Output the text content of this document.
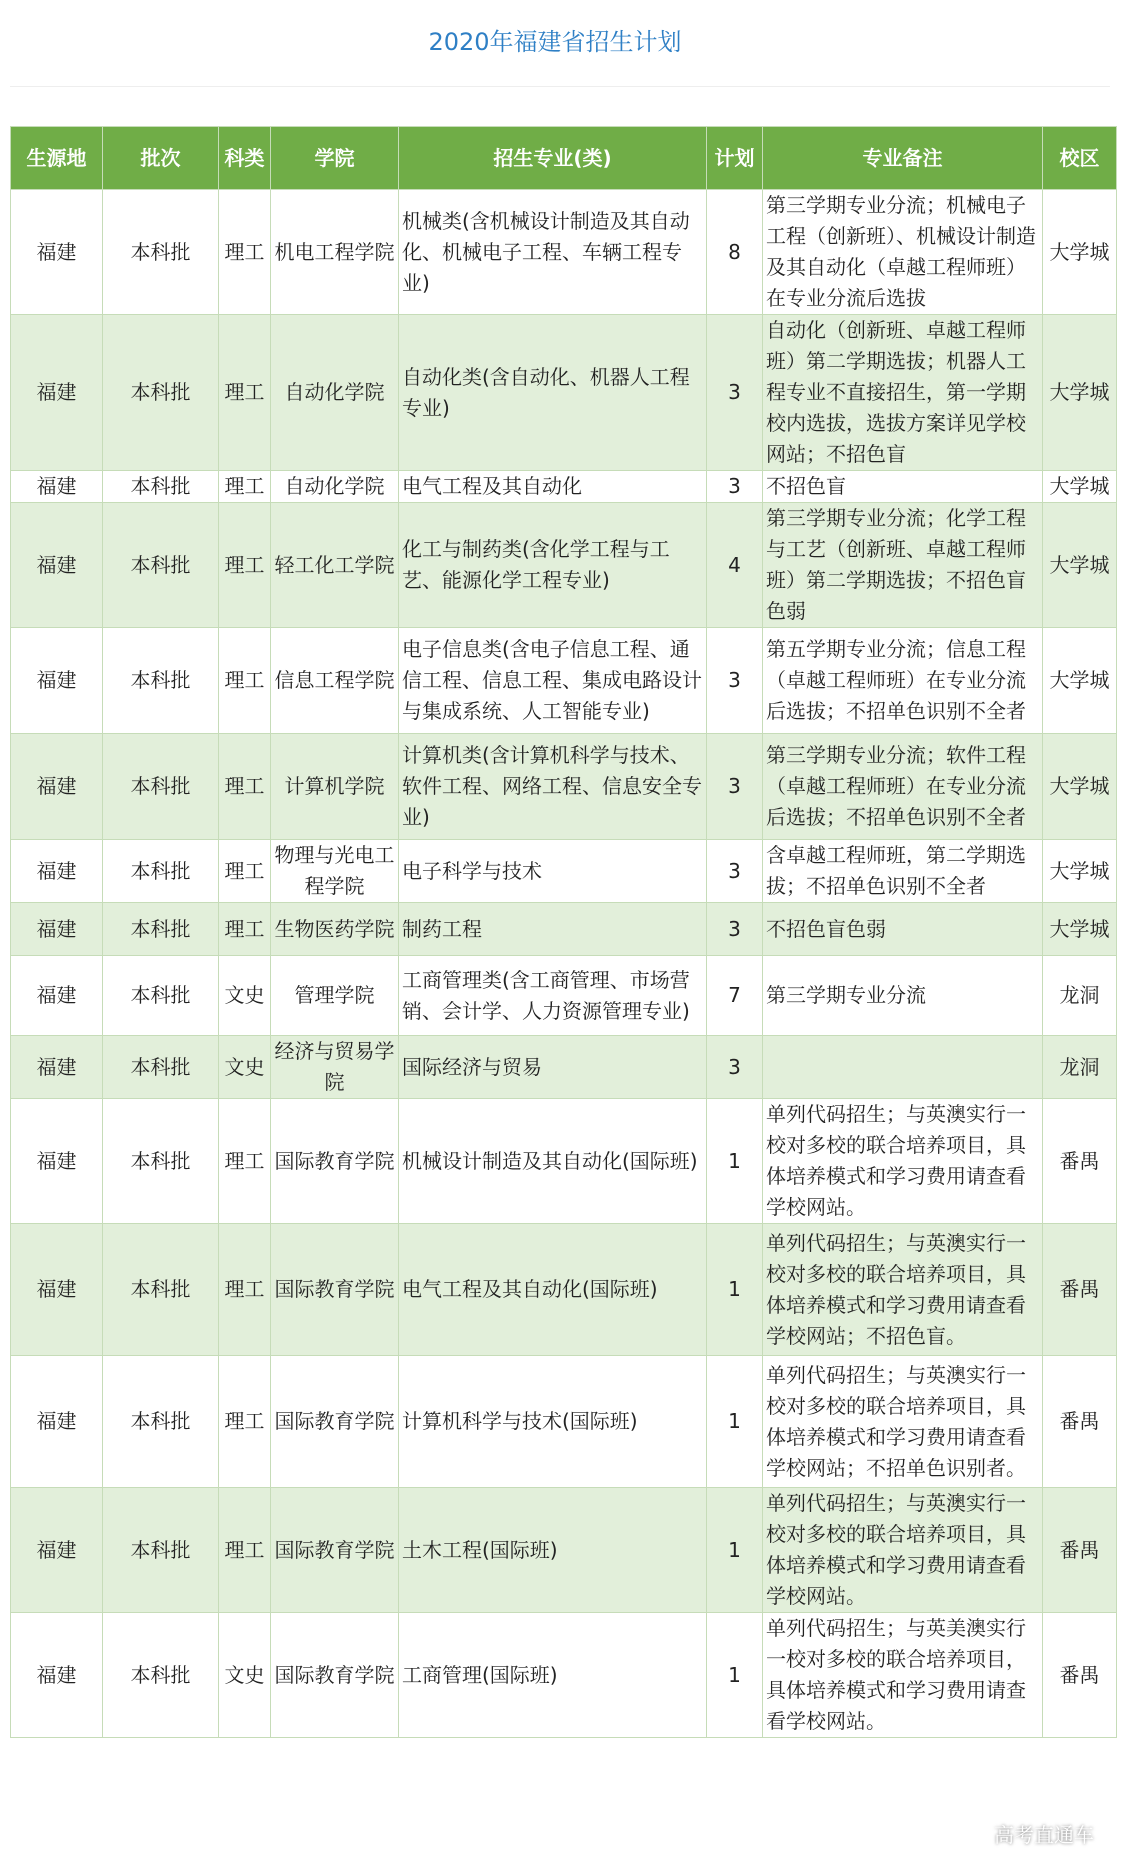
2020年福建省招生计划
生源地	批次	科类	学院	招生专业(类)	计划	专业备注	校区
福建	本科批	理工	机电工程学院	机械类(含机械设计制造及其自动化、机械电子工程、车辆工程专业)	8	第三学期专业分流；机械电子工程（创新班）、机械设计制造及其自动化（卓越工程师班）在专业分流后选拔	大学城
福建	本科批	理工	自动化学院	自动化类(含自动化、机器人工程专业)	3	自动化（创新班、卓越工程师班）第二学期选拔；机器人工程专业不直接招生，第一学期校内选拔，选拔方案详见学校网站；不招色盲	大学城
福建	本科批	理工	自动化学院	电气工程及其自动化	3	不招色盲	大学城
福建	本科批	理工	轻工化工学院	化工与制药类(含化学工程与工艺、能源化学工程专业)	4	第三学期专业分流；化学工程与工艺（创新班、卓越工程师班）第二学期选拔；不招色盲色弱	大学城
福建	本科批	理工	信息工程学院	电子信息类(含电子信息工程、通信工程、信息工程、集成电路设计与集成系统、人工智能专业)	3	第五学期专业分流；信息工程（卓越工程师班）在专业分流后选拔；不招单色识别不全者	大学城
福建	本科批	理工	计算机学院	计算机类(含计算机科学与技术、软件工程、网络工程、信息安全专业)	3	第三学期专业分流；软件工程（卓越工程师班）在专业分流后选拔；不招单色识别不全者	大学城
福建	本科批	理工	物理与光电工程学院	电子科学与技术	3	含卓越工程师班，第二学期选拔；不招单色识别不全者	大学城
福建	本科批	理工	生物医药学院	制药工程	3	不招色盲色弱	大学城
福建	本科批	文史	管理学院	工商管理类(含工商管理、市场营销、会计学、人力资源管理专业)	7	第三学期专业分流	龙洞
福建	本科批	文史	经济与贸易学院	国际经济与贸易	3		龙洞
福建	本科批	理工	国际教育学院	机械设计制造及其自动化(国际班)	1	单列代码招生；与英澳实行一校对多校的联合培养项目，具体培养模式和学习费用请查看学校网站。	番禺
福建	本科批	理工	国际教育学院	电气工程及其自动化(国际班)	1	单列代码招生；与英澳实行一校对多校的联合培养项目，具体培养模式和学习费用请查看学校网站；不招色盲。	番禺
福建	本科批	理工	国际教育学院	计算机科学与技术(国际班)	1	单列代码招生；与英澳实行一校对多校的联合培养项目，具体培养模式和学习费用请查看学校网站；不招单色识别者。	番禺
福建	本科批	理工	国际教育学院	土木工程(国际班)	1	单列代码招生；与英澳实行一校对多校的联合培养项目，具体培养模式和学习费用请查看学校网站。	番禺
福建	本科批	文史	国际教育学院	工商管理(国际班)	1	单列代码招生；与英美澳实行一校对多校的联合培养项目，具体培养模式和学习费用请查看学校网站。	番禺
高考直通车
